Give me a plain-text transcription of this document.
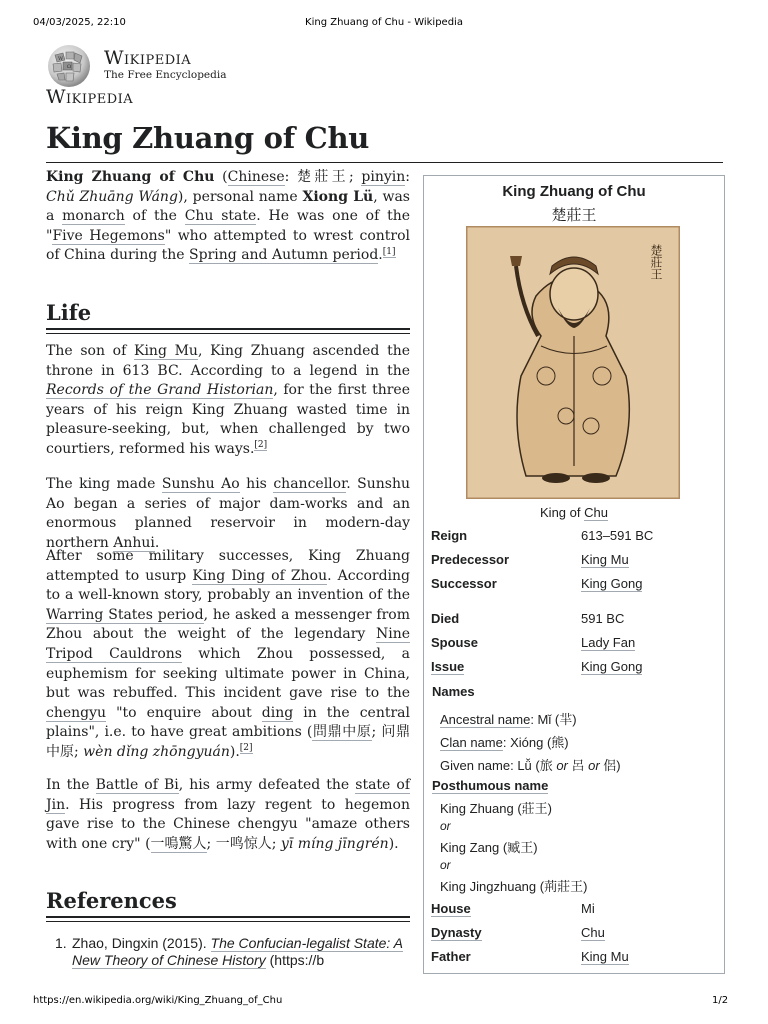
04/03/2025, 22:10	King Zhuang of Chu - Wikipedia
W
Ω Wikipedia
The Free Encyclopedia
Wikipedia
King Zhuang of Chu

King Zhuang of Chu (Chinese: 楚莊王; pinyin: Chǔ Zhuāng Wáng), personal name Xiong Lü, was a monarch of the Chu state. He was one of the "Five Hegemons" who attempted to wrest control of China during the Spring and Autumn period.[1]

Life

The son of King Mu, King Zhuang ascended the throne in 613 BC. According to a legend in the Records of the Grand Historian, for the first three years of his reign King Zhuang wasted time in pleasure-seeking, but, when challenged by two courtiers, reformed his ways.[2]

The king made Sunshu Ao his chancellor. Sunshu Ao began a series of major dam-works and an enormous planned reservoir in modern-day northern Anhui.

After some military successes, King Zhuang attempted to usurp King Ding of Zhou. According to a well-known story, probably an invention of the Warring States period, he asked a messenger from Zhou about the weight of the legendary Nine Tripod Cauldrons which Zhou possessed, a euphemism for seeking ultimate power in China, but was rebuffed. This incident gave rise to the chengyu "to enquire about ding in the central plains", i.e. to have great ambitions (問鼎中原; 问鼎中原; wèn dǐng zhōngyuán).[2]

In the Battle of Bi, his army defeated the state of Jin. His progress from lazy regent to hegemon gave rise to the Chinese chengyu "amaze others with one cry" (一鳴驚人; 一鸣惊人; yī míng jīngrén).

References
1. Zhao, Dingxin (2015). The Confucian-legalist State: A New Theory of Chinese History (https://b
King Zhuang of Chu
楚莊王
楚莊王
King of Chu
Reign	613–591 BC
Predecessor	King Mu
Successor	King Gong
Died	591 BC
Spouse	Lady Fan
Issue	King Gong
Names
Ancestral name: Mǐ (羋)
Clan name: Xióng (熊)
Given name: Lǚ (旅 or 呂 or 侶)
Posthumous name
King Zhuang (莊王)
or
King Zang (臧王)
or
King Jingzhuang (荊莊王)
House	Mi
Dynasty	Chu
Father	King Mu
https://en.wikipedia.org/wiki/King_Zhuang_of_Chu	1/2
